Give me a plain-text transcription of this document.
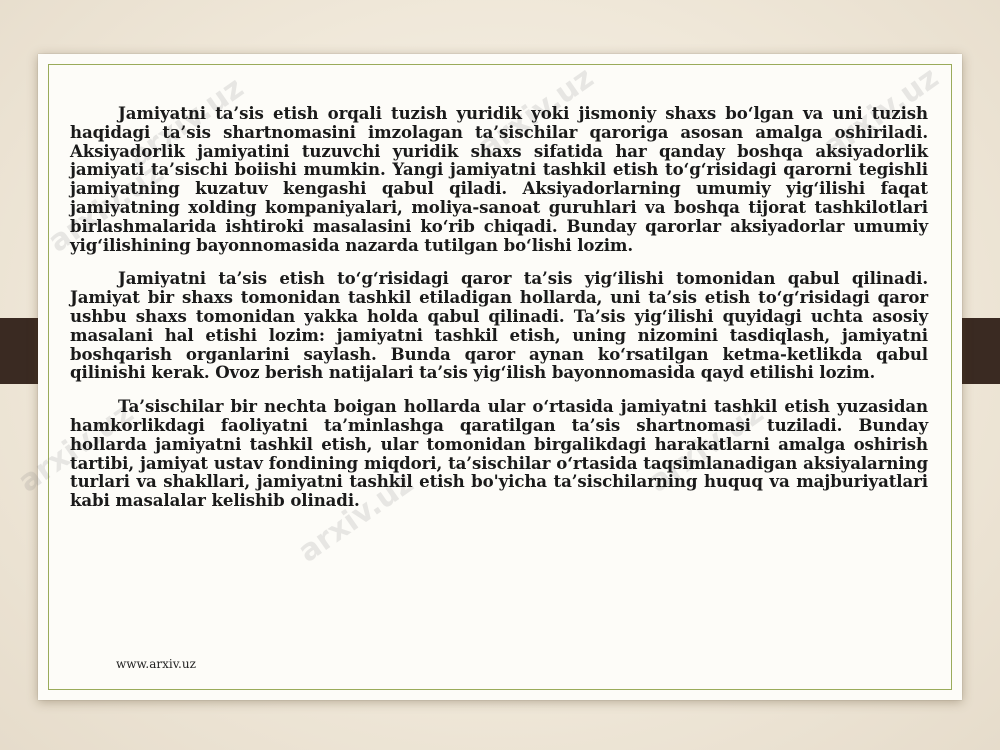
Jamiyatni ta’sis etish orqali tuzish yuridik yoki jismoniy shaxs bo‘lgan va uni tuzish haqidagi ta’sis shartnomasini imzolagan ta’sischilar qaroriga asosan amalga oshiriladi. Aksiyadorlik jamiyatini tuzuvchi yuridik shaxs sifatida har qanday boshqa aksiyadorlik jamiyati ta’sischi boiishi mumkin. Yangi jamiyatni tashkil etish to‘g‘risidagi qarorni tegishli jamiyatning kuzatuv kengashi qabul qiladi. Aksiyadorlarning umumiy yig‘ilishi faqat jamiyatning xolding kompaniyalari, moliya-sanoat guruhlari va boshqa tijorat tashkilotlari birlashmalarida ishtiroki masalasini ko‘rib chiqadi. Bunday qarorlar aksiyadorlar umumiy yig‘ilishining bayonnomasida nazarda tutilgan bo‘lishi lozim.

Jamiyatni ta’sis etish to‘g‘risidagi qaror ta’sis yig‘ilishi tomonidan qabul qilinadi. Jamiyat bir shaxs tomonidan tashkil etiladigan hollarda, uni ta’sis etish to‘g‘risidagi qaror ushbu shaxs tomonidan yakka holda qabul qilinadi. Ta’sis yig‘ilishi quyidagi uchta asosiy masalani hal etishi lozim: jamiyatni tashkil etish, uning nizomini tasdiqlash, jamiyatni boshqarish organlarini saylash. Bunda qaror aynan ko‘rsatilgan ketma-ketlikda qabul qilinishi kerak. Ovoz berish natijalari ta’sis yig‘ilish bayonnomasida qayd etilishi lozim.

Ta’sischilar bir nechta boigan hollarda ular o‘rtasida jamiyatni tashkil etish yuzasidan hamkorlikdagi faoliyatni ta’minlashga qaratilgan ta’sis shartnomasi tuziladi. Bunday hollarda jamiyatni tashkil etish, ular tomonidan birgalikdagi harakatlarni amalga oshirish tartibi, jamiyat ustav fondining miqdori, ta’sischilar o‘rtasida taqsimlanadigan aksiyalarning turlari va shakllari, jamiyatni tashkil etish bo'yicha ta’sischilarning huquq va majburiyatlari kabi masalalar kelishib olinadi.

www.arxiv.uz
